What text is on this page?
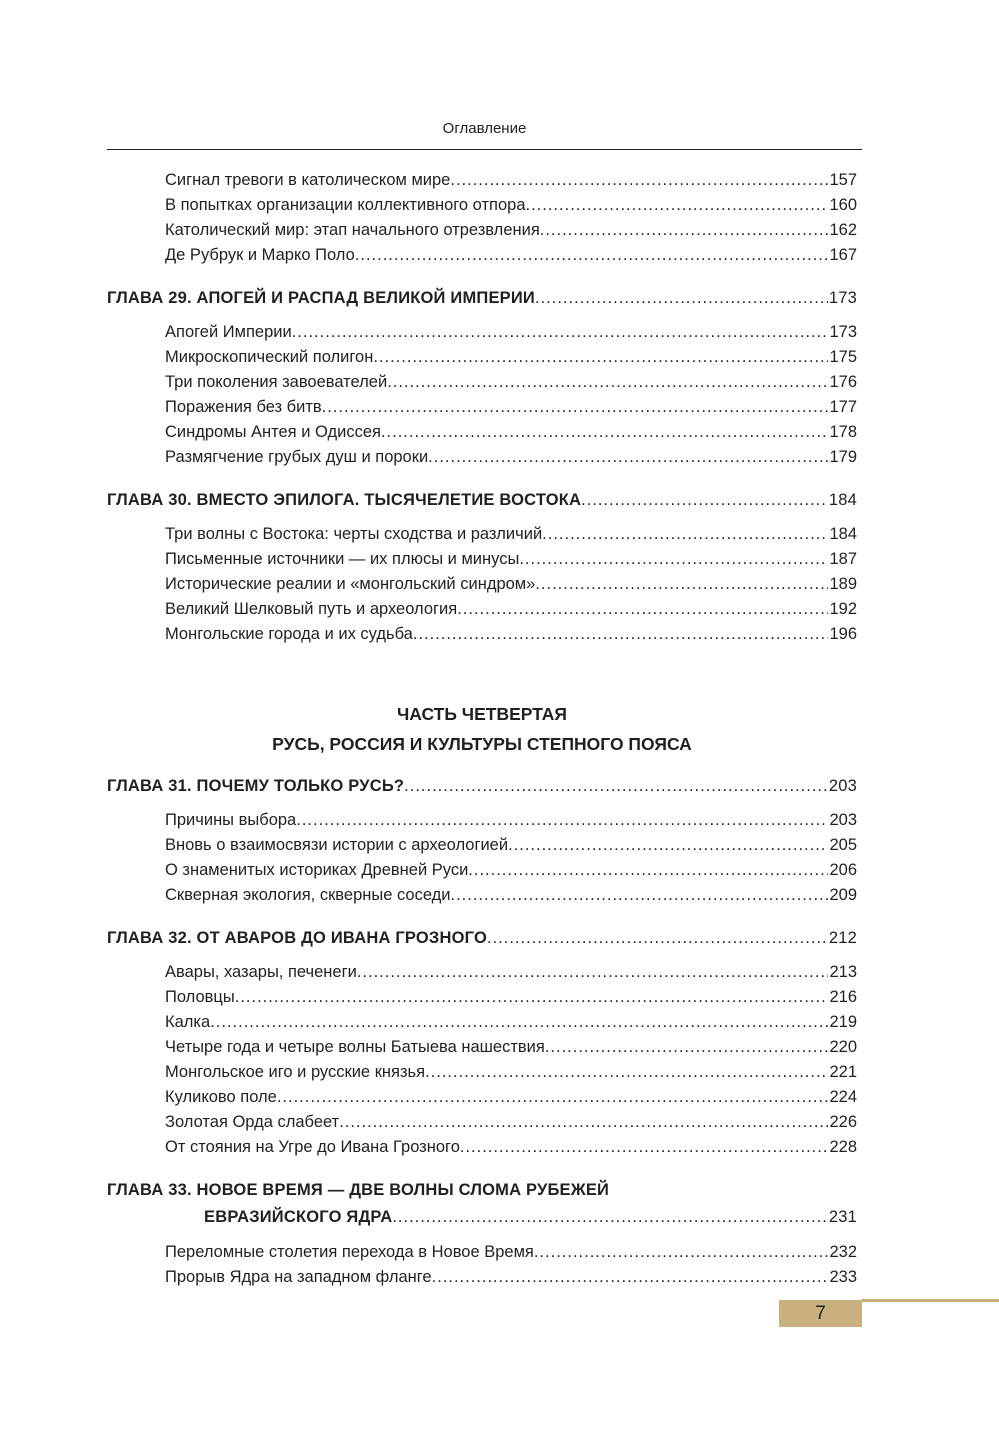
Оглавление
Сигнал тревоги в католическом мире .....	157
В попытках организации коллективного отпора .....	160
Католический мир: этап начального отрезвления .....	162
Де Рубрук и Марко Поло .....	167
ГЛАВА 29. АПОГЕЙ И РАСПАД ВЕЛИКОЙ ИМПЕРИИ .....	173
Апогей Империи .....	173
Микроскопический полигон .....	175
Три поколения завоевателей .....	176
Поражения без битв .....	177
Синдромы Антея и Одиссея .....	178
Размягчение грубых душ и пороки .....	179
ГЛАВА 30. ВМЕСТО ЭПИЛОГА. ТЫСЯЧЕЛЕТИЕ ВОСТОКА .....	184
Три волны с Востока: черты сходства и различий .....	184
Письменные источники — их плюсы и минусы .....	187
Исторические реалии и «монгольский синдром» .....	189
Великий Шелковый путь и археология .....	192
Монгольские города и их судьба .....	196
ЧАСТЬ ЧЕТВЕРТАЯ
РУСЬ, РОССИЯ И КУЛЬТУРЫ СТЕПНОГО ПОЯСА
ГЛАВА 31. ПОЧЕМУ ТОЛЬКО РУСЬ? .....	203
Причины выбора .....	203
Вновь о взаимосвязи истории с археологией .....	205
О знаменитых историках Древней Руси .....	206
Скверная экология, скверные соседи .....	209
ГЛАВА 32. ОТ АВАРОВ ДО ИВАНА ГРОЗНОГО .....	212
Авары, хазары, печенеги .....	213
Половцы .....	216
Калка .....	219
Четыре года и четыре волны Батыева нашествия .....	220
Монгольское иго и русские князья .....	221
Куликово поле .....	224
Золотая Орда слабеет .....	226
От стояния на Угре до Ивана Грозного .....	228
ГЛАВА 33. НОВОЕ ВРЕМЯ — ДВЕ ВОЛНЫ СЛОМА РУБЕЖЕЙ
ЕВРАЗИЙСКОГО ЯДРА .....	231
Переломные столетия перехода в Новое Время .....	232
Прорыв Ядра на западном фланге .....	233
7
